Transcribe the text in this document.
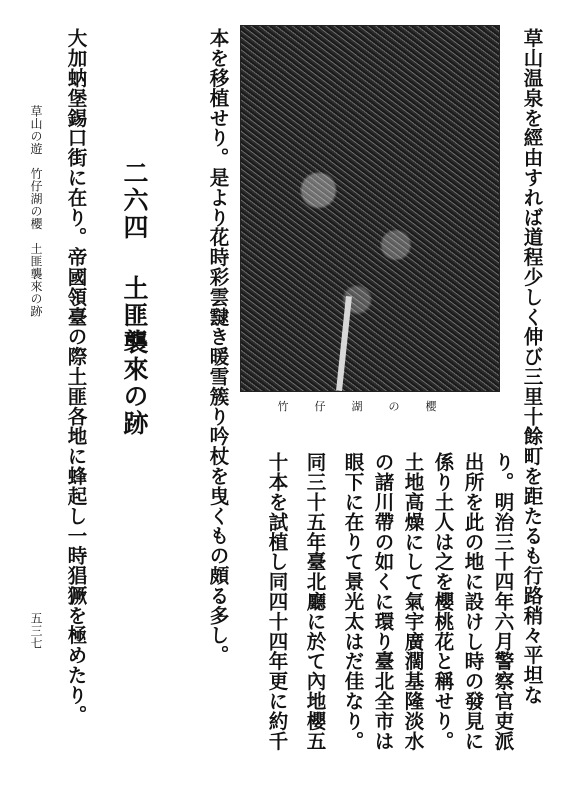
草山温泉を經由すれば道程少しく伸び三里十餘町を距たるも行路稍々平坦な
竹仔湖の櫻
り。明治三十四年六月警察官吏派
出所を此の地に設けし時の發見に
係り土人は之を櫻桃花と稱せり。
土地高燥にして氣宇廣濶基隆淡水
の諸川帶の如くに環り臺北全市は
眼下に在りて景光太はだ佳なり。
同三十五年臺北廳に於て內地櫻五
十本を試植し同四十四年更に約千
本を移植せり。是より花時彩雲靆き暖雪簇り吟杖を曳くもの頗る多し。
二六四
土匪襲來の跡
大加蚋堡錫口街に在り。帝國領臺の際土匪各地に蜂起し一時猖獗を極めたり。
草山の遊　竹仔湖の櫻　土匪襲來の跡
五三七
